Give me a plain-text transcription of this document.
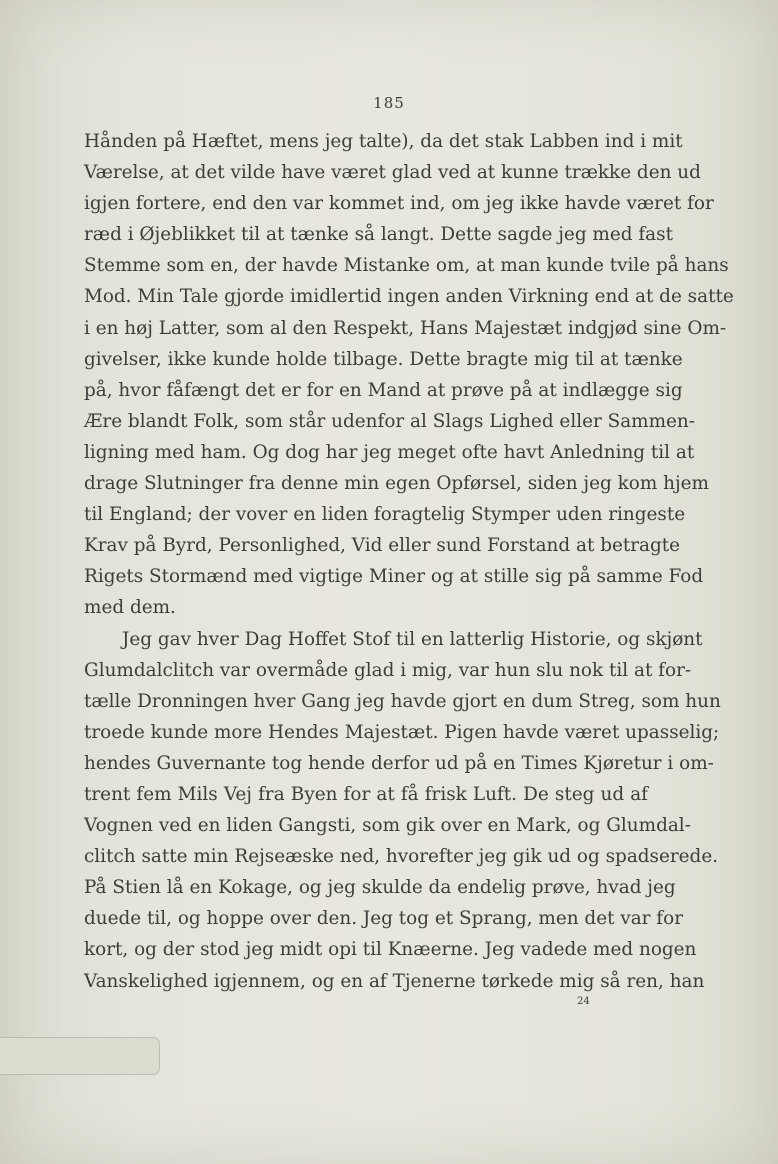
185
Hånden på Hæftet, mens jeg talte), da det stak Labben ind i mit
Værelse, at det vilde have været glad ved at kunne trække den ud
igjen fortere, end den var kommet ind, om jeg ikke havde været for
ræd i Øjeblikket til at tænke så langt. Dette sagde jeg med fast
Stemme som en, der havde Mistanke om, at man kunde tvile på hans
Mod. Min Tale gjorde imidlertid ingen anden Virkning end at de satte
i en høj Latter, som al den Respekt, Hans Majestæt indgjød sine Om-
givelser, ikke kunde holde tilbage. Dette bragte mig til at tænke
på, hvor fåfængt det er for en Mand at prøve på at indlægge sig
Ære blandt Folk, som står udenfor al Slags Lighed eller Sammen-
ligning med ham. Og dog har jeg meget ofte havt Anledning til at
drage Slutninger fra denne min egen Opførsel, siden jeg kom hjem
til England; der vover en liden foragtelig Stymper uden ringeste
Krav på Byrd, Personlighed, Vid eller sund Forstand at betragte
Rigets Stormænd med vigtige Miner og at stille sig på samme Fod
med dem.
Jeg gav hver Dag Hoffet Stof til en latterlig Historie, og skjønt
Glumdalclitch var overmåde glad i mig, var hun slu nok til at for-
tælle Dronningen hver Gang jeg havde gjort en dum Streg, som hun
troede kunde more Hendes Majestæt. Pigen havde været upasselig;
hendes Guvernante tog hende derfor ud på en Times Kjøretur i om-
trent fem Mils Vej fra Byen for at få frisk Luft. De steg ud af
Vognen ved en liden Gangsti, som gik over en Mark, og Glumdal-
clitch satte min Rejseæske ned, hvorefter jeg gik ud og spadserede.
På Stien lå en Kokage, og jeg skulde da endelig prøve, hvad jeg
duede til, og hoppe over den. Jeg tog et Sprang, men det var for
kort, og der stod jeg midt opi til Knæerne. Jeg vadede med nogen
Vanskelighed igjennem, og en af Tjenerne tørkede mig så ren, han
24
